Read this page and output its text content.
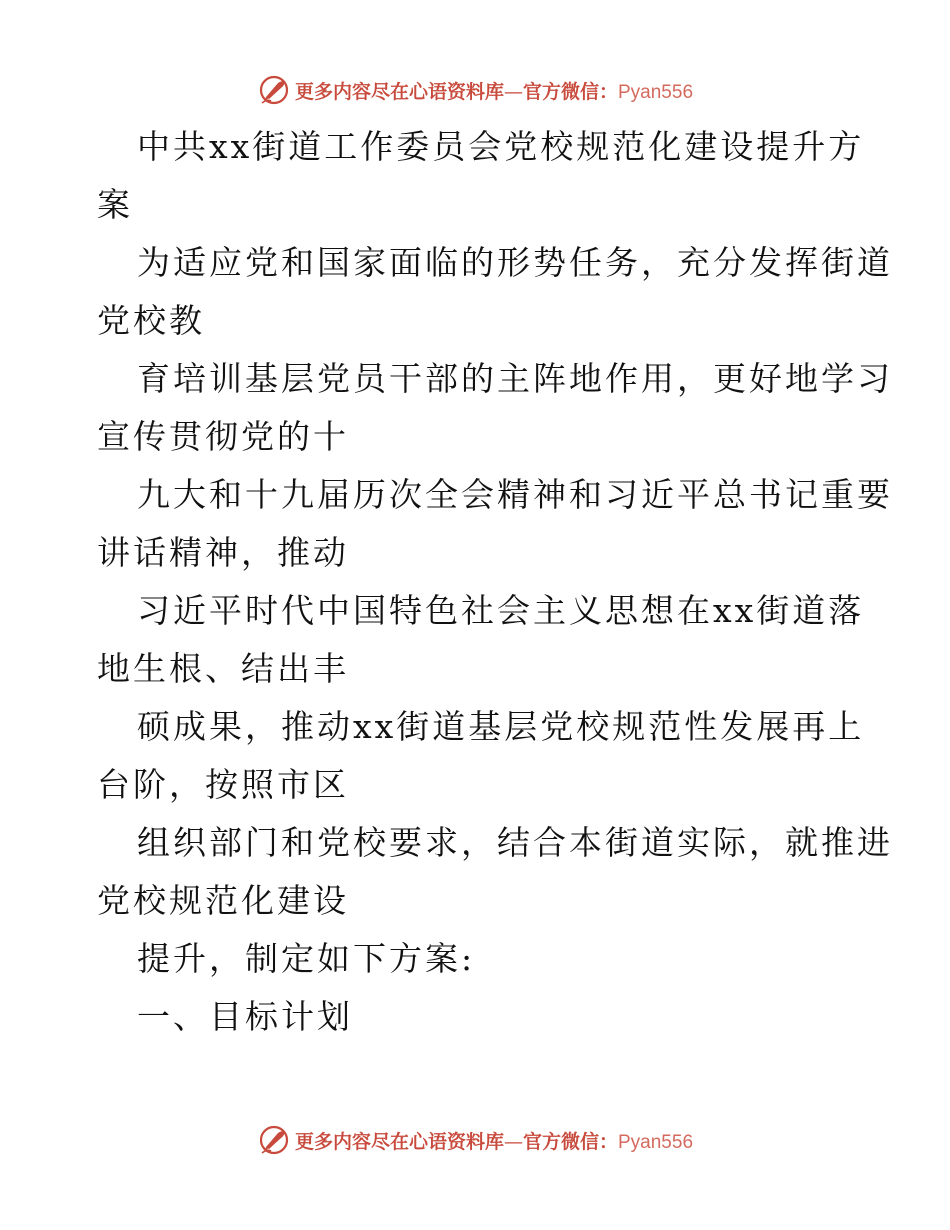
更多内容尽在心语资料库—官方微信：Pyan556
中共xx街道工作委员会党校规范化建设提升方
案
为适应党和国家面临的形势任务，充分发挥街道
党校教
育培训基层党员干部的主阵地作用，更好地学习
宣传贯彻党的十
九大和十九届历次全会精神和习近平总书记重要
讲话精神，推动
习近平时代中国特色社会主义思想在xx街道落
地生根、结出丰
硕成果，推动xx街道基层党校规范性发展再上
台阶，按照市区
组织部门和党校要求，结合本街道实际，就推进
党校规范化建设
提升，制定如下方案:
一、目标计划
更多内容尽在心语资料库—官方微信：Pyan556
